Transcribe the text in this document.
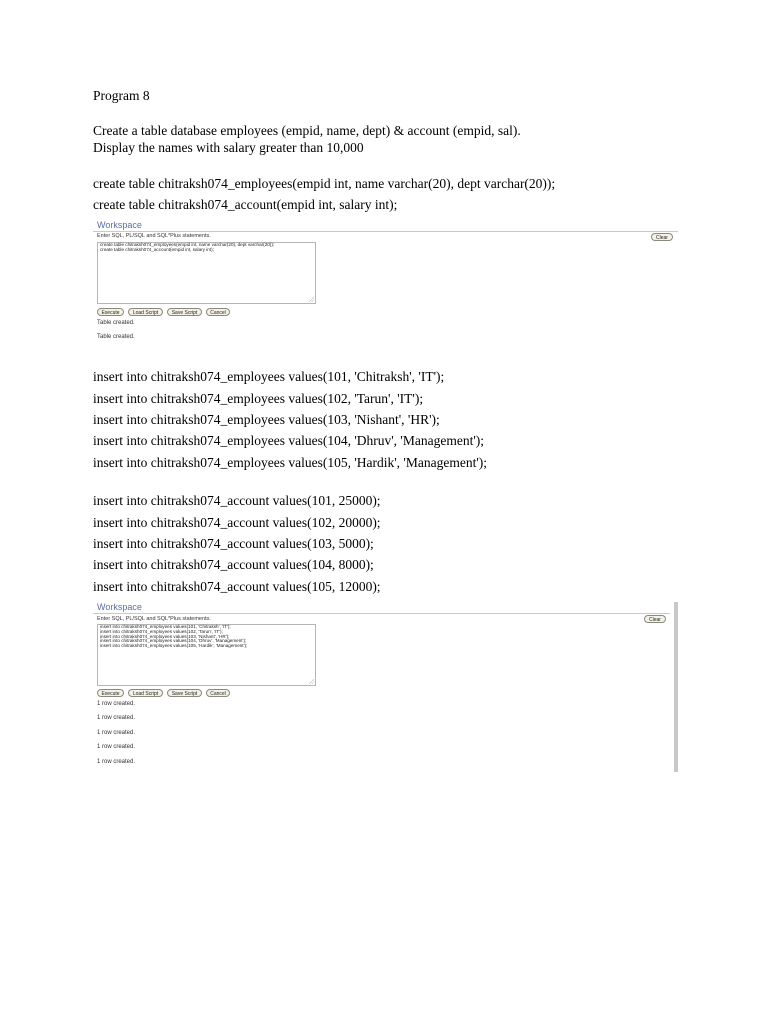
Program 8
Create a table database employees (empid, name, dept) & account (empid, sal).
Display the names with salary greater than 10,000
create table chitraksh074_employees(empid int, name varchar(20), dept varchar(20));
create table chitraksh074_account(empid int, salary int);
Workspace
Enter SQL, PL/SQL and SQL*Plus statements.	Clear
create table chitraksh074_employees(empid int, name varchar(20), dept varchar(20));
create table chitraksh074_account(empid int, salary int);
Execute	Load Script	Save Script	Cancel
Table created.
Table created.
insert into chitraksh074_employees values(101, 'Chitraksh', 'IT');
insert into chitraksh074_employees values(102, 'Tarun', 'IT');
insert into chitraksh074_employees values(103, 'Nishant', 'HR');
insert into chitraksh074_employees values(104, 'Dhruv', 'Management');
insert into chitraksh074_employees values(105, 'Hardik', 'Management');
insert into chitraksh074_account values(101, 25000);
insert into chitraksh074_account values(102, 20000);
insert into chitraksh074_account values(103, 5000);
insert into chitraksh074_account values(104, 8000);
insert into chitraksh074_account values(105, 12000);
Workspace
Enter SQL, PL/SQL and SQL*Plus statements.	Clear
insert into chitraksh074_employees values(101, 'Chitraksh', 'IT');
insert into chitraksh074_employees values(102, 'Tarun', 'IT');
insert into chitraksh074_employees values(103, 'Nishant', 'HR');
insert into chitraksh074_employees values(104, 'Dhruv', 'Management');
insert into chitraksh074_employees values(105, 'Hardik', 'Management');
Execute	Load Script	Save Script	Cancel
1 row created.
1 row created.
1 row created.
1 row created.
1 row created.
